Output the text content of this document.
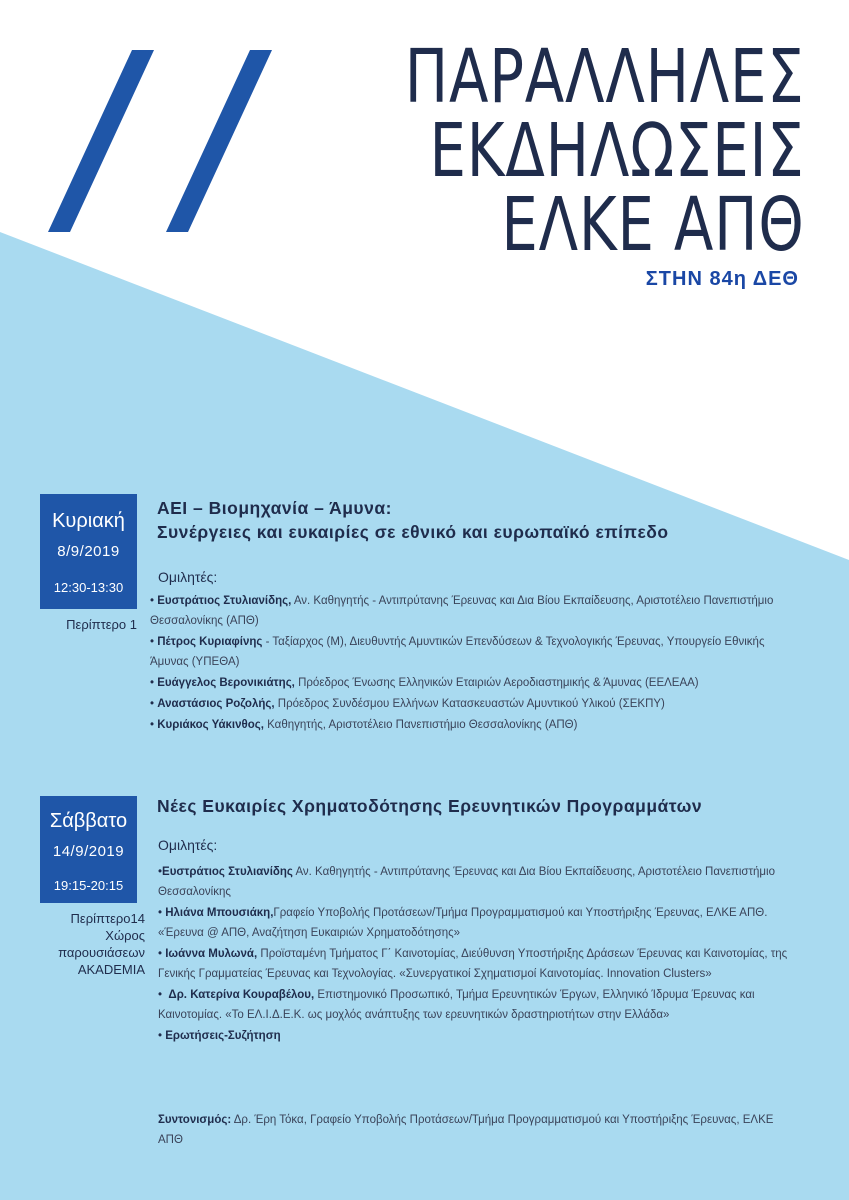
ΠΑΡΑΛΛΗΛΕΣ
ΕΚΔΗΛΩΣΕΙΣ
ΕΛΚΕ ΑΠΘ
ΣΤΗΝ 84η ΔΕΘ
Κυριακή
8/9/2019
12:30-13:30
Περίπτερο 1
ΑΕΙ – Βιομηχανία – Άμυνα:
Συνέργειες και ευκαιρίες σε εθνικό και ευρωπαϊκό επίπεδο
Ομιλητές:
• Ευστράτιος Στυλιανίδης, Αν. Καθηγητής - Αντιπρύτανης Έρευνας και Δια Βίου Εκπαίδευσης, Αριστοτέλειο Πανεπιστήμιο Θεσσαλονίκης (ΑΠΘ)
• Πέτρος Κυριαφίνης - Ταξίαρχος (Μ), Διευθυντής Αμυντικών Επενδύσεων & Τεχνολογικής Έρευνας, Υπουργείο Εθνικής Άμυνας (ΥΠΕΘΑ)
• Ευάγγελος Βερονικιάτης, Πρόεδρος Ένωσης Ελληνικών Εταιριών Αεροδιαστημικής & Άμυνας (ΕΕΛΕΑΑ)
• Αναστάσιος Ροζολής, Πρόεδρος Συνδέσμου Ελλήνων Κατασκευαστών Αμυντικού Υλικού (ΣΕΚΠΥ)
• Κυριάκος Υάκινθος, Καθηγητής, Αριστοτέλειο Πανεπιστήμιο Θεσσαλονίκης (ΑΠΘ)
Σάββατο
14/9/2019
19:15-20:15
Περίπτερο14
Χώρος
παρουσιάσεων
ΑΚΑDEMIA
Νέες Ευκαιρίες Χρηματοδότησης Ερευνητικών Προγραμμάτων
Ομιλητές:
•Ευστράτιος Στυλιανίδης Αν. Καθηγητής - Αντιπρύτανης Έρευνας και Δια Βίου Εκπαίδευσης, Αριστοτέλειο Πανεπιστήμιο Θεσσαλονίκης
• Ηλιάνα Μπουσιάκη,Γραφείο Υποβολής Προτάσεων/Τμήμα Προγραμματισμού και Υποστήριξης Έρευνας, ΕΛΚΕ ΑΠΘ. «Έρευνα @ ΑΠΘ, Αναζήτηση Ευκαιριών Χρηματοδότησης»
• Ιωάννα Μυλωνά, Προϊσταμένη Τμήματος Γ΄ Καινοτομίας, Διεύθυνση Υποστήριξης Δράσεων Έρευνας και Καινοτομίας, της Γενικής Γραμματείας Έρευνας και Τεχνολογίας. «Συνεργατικοί Σχηματισμοί Καινοτομίας. Innovation Clusters»
•  Δρ. Κατερίνα Κουραβέλου, Επιστημονικό Προσωπικό, Τμήμα Ερευνητικών Έργων, Ελληνικό Ίδρυμα Έρευνας και Καινοτομίας. «Το ΕΛ.Ι.Δ.Ε.Κ. ως μοχλός ανάπτυξης των ερευνητικών δραστηριοτήτων στην Ελλάδα»
• Ερωτήσεις-Συζήτηση
Συντονισμός: Δρ. Έρη Τόκα, Γραφείο Υποβολής Προτάσεων/Τμήμα Προγραμματισμού και Υποστήριξης Έρευνας, ΕΛΚΕ ΑΠΘ
